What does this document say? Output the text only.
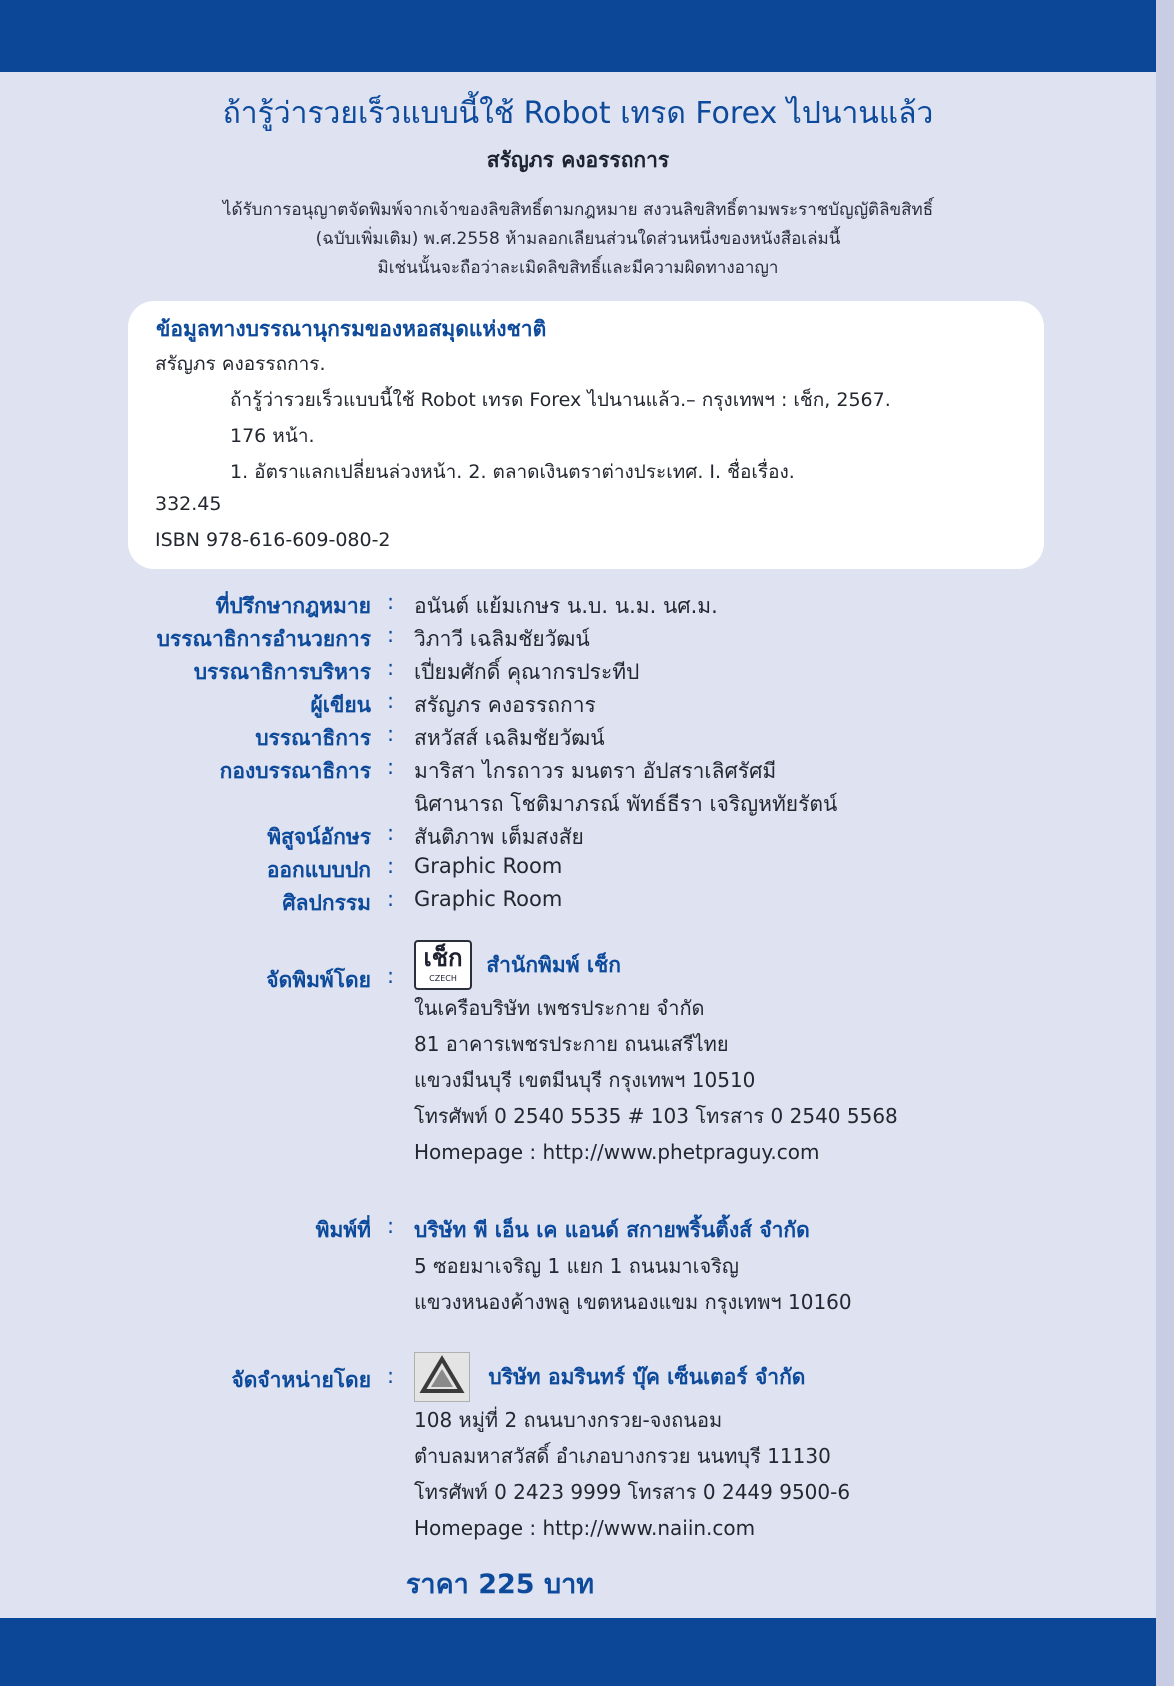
ถ้ารู้ว่ารวยเร็วแบบนี้ใช้ Robot เทรด Forex ไปนานแล้ว
สรัญภร คงอรรถการ
ได้รับการอนุญาตจัดพิมพ์จากเจ้าของลิขสิทธิ์ตามกฎหมาย สงวนลิขสิทธิ์ตามพระราชบัญญัติลิขสิทธิ์
(ฉบับเพิ่มเติม) พ.ศ.2558 ห้ามลอกเลียนส่วนใดส่วนหนึ่งของหนังสือเล่มนี้
มิเช่นนั้นจะถือว่าละเมิดลิขสิทธิ์และมีความผิดทางอาญา
ข้อมูลทางบรรณานุกรมของหอสมุดแห่งชาติ
สรัญภร คงอรรถการ.
ถ้ารู้ว่ารวยเร็วแบบนี้ใช้ Robot เทรด Forex ไปนานแล้ว.– กรุงเทพฯ : เช็ก, 2567.
176 หน้า.
1. อัตราแลกเปลี่ยนล่วงหน้า. 2. ตลาดเงินตราต่างประเทศ. I. ชื่อเรื่อง.
332.45
ISBN 978-616-609-080-2
ที่ปรึกษากฎหมาย : อนันต์ แย้มเกษร น.บ. น.ม. นศ.ม.
บรรณาธิการอำนวยการ : วิภาวี เฉลิมชัยวัฒน์
บรรณาธิการบริหาร : เปี่ยมศักดิ์ คุณากรประทีป
ผู้เขียน : สรัญภร คงอรรถการ
บรรณาธิการ : สหวัสส์ เฉลิมชัยวัฒน์
กองบรรณาธิการ : มาริสา ไกรถาวร มนตรา อัปสราเลิศรัศมี
นิศานารถ โชติมาภรณ์ พัทธ์ธีรา เจริญหทัยรัตน์
พิสูจน์อักษร : สันติภาพ เต็มสงสัย
ออกแบบปก : Graphic Room
ศิลปกรรม : Graphic Room
จัดพิมพ์โดย :
เช็ก
CZECH
สำนักพิมพ์ เช็ก
ในเครือบริษัท เพชรประกาย จำกัด
81 อาคารเพชรประกาย ถนนเสรีไทย
แขวงมีนบุรี เขตมีนบุรี กรุงเทพฯ 10510
โทรศัพท์ 0 2540 5535 # 103 โทรสาร 0 2540 5568
Homepage : http://www.phetpraguy.com
พิมพ์ที่ : บริษัท พี เอ็น เค แอนด์ สกายพริ้นติ้งส์ จำกัด
5 ซอยมาเจริญ 1 แยก 1 ถนนมาเจริญ
แขวงหนองค้างพลู เขตหนองแขม กรุงเทพฯ 10160
จัดจำหน่ายโดย :	บริษัท อมรินทร์ บุ๊ค เซ็นเตอร์ จำกัด
108 หมู่ที่ 2 ถนนบางกรวย-จงถนอม
ตำบลมหาสวัสดิ์ อำเภอบางกรวย นนทบุรี 11130
โทรศัพท์ 0 2423 9999 โทรสาร 0 2449 9500-6
Homepage : http://www.naiin.com
ราคา 225 บาท
